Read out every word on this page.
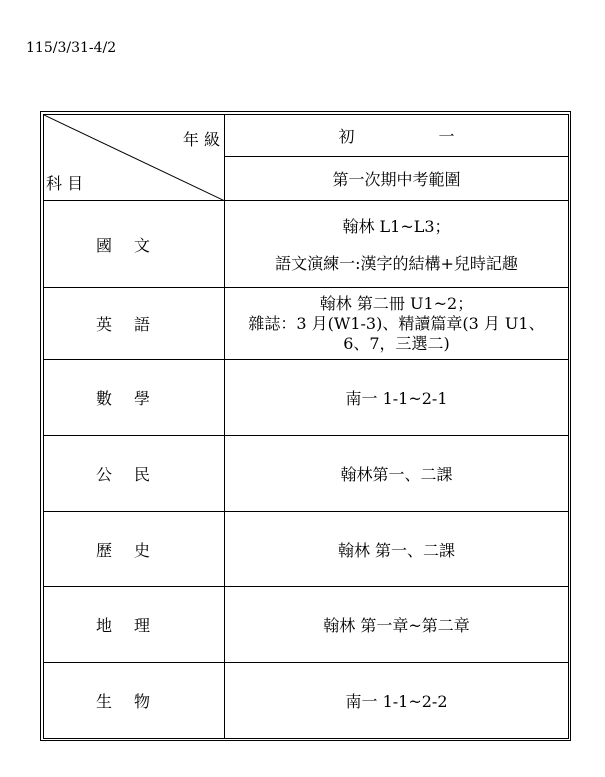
115/3/31-4/2
年 級
科 目	初 一
	第一次期中考範圍
國文	翰林 L1~L3；
語文演練一:漢字的結構+兒時記趣
英語	翰林 第二冊 U1~2；
雜誌：3 月(W1-3)、精讀篇章(3 月 U1、
6、7，三選二)

數學	南一 1-1~2-1
公民	翰林第一、二課
歷史	翰林 第一、二課
地理	翰林 第一章~第二章
生物	南一 1-1~2-2
